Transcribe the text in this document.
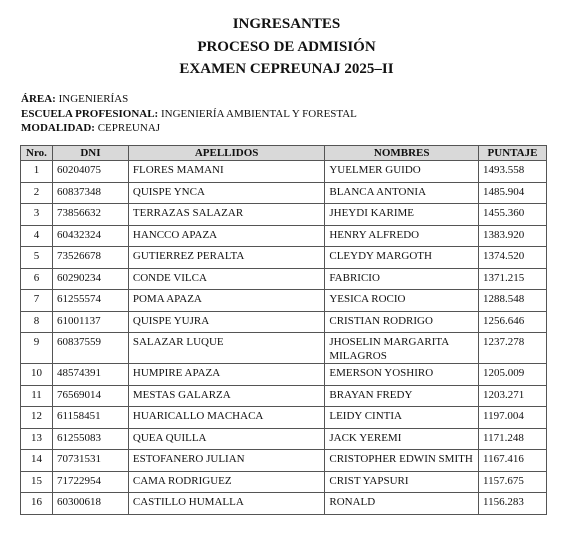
INGRESANTES
PROCESO DE ADMISIÓN
EXAMEN CEPREUNAJ 2025–II
ÁREA: INGENIERÍAS
ESCUELA PROFESIONAL: INGENIERÍA AMBIENTAL Y FORESTAL
MODALIDAD: CEPREUNAJ
Nro.	DNI	APELLIDOS	NOMBRES	PUNTAJE
1	60204075	FLORES MAMANI	YUELMER GUIDO	1493.558
2	60837348	QUISPE YNCA	BLANCA ANTONIA	1485.904
3	73856632	TERRAZAS SALAZAR	JHEYDI KARIME	1455.360
4	60432324	HANCCO APAZA	HENRY ALFREDO	1383.920
5	73526678	GUTIERREZ PERALTA	CLEYDY MARGOTH	1374.520
6	60290234	CONDE VILCA	FABRICIO	1371.215
7	61255574	POMA APAZA	YESICA ROCIO	1288.548
8	61001137	QUISPE YUJRA	CRISTIAN RODRIGO	1256.646
9	60837559	SALAZAR LUQUE	JHOSELIN MARGARITA MILAGROS	1237.278
10	48574391	HUMPIRE APAZA	EMERSON YOSHIRO	1205.009
11	76569014	MESTAS GALARZA	BRAYAN FREDY	1203.271
12	61158451	HUARICALLO MACHACA	LEIDY CINTIA	1197.004
13	61255083	QUEA QUILLA	JACK YEREMI	1171.248
14	70731531	ESTOFANERO JULIAN	CRISTOPHER EDWIN SMITH	1167.416
15	71722954	CAMA RODRIGUEZ	CRIST YAPSURI	1157.675
16	60300618	CASTILLO HUMALLA	RONALD	1156.283
